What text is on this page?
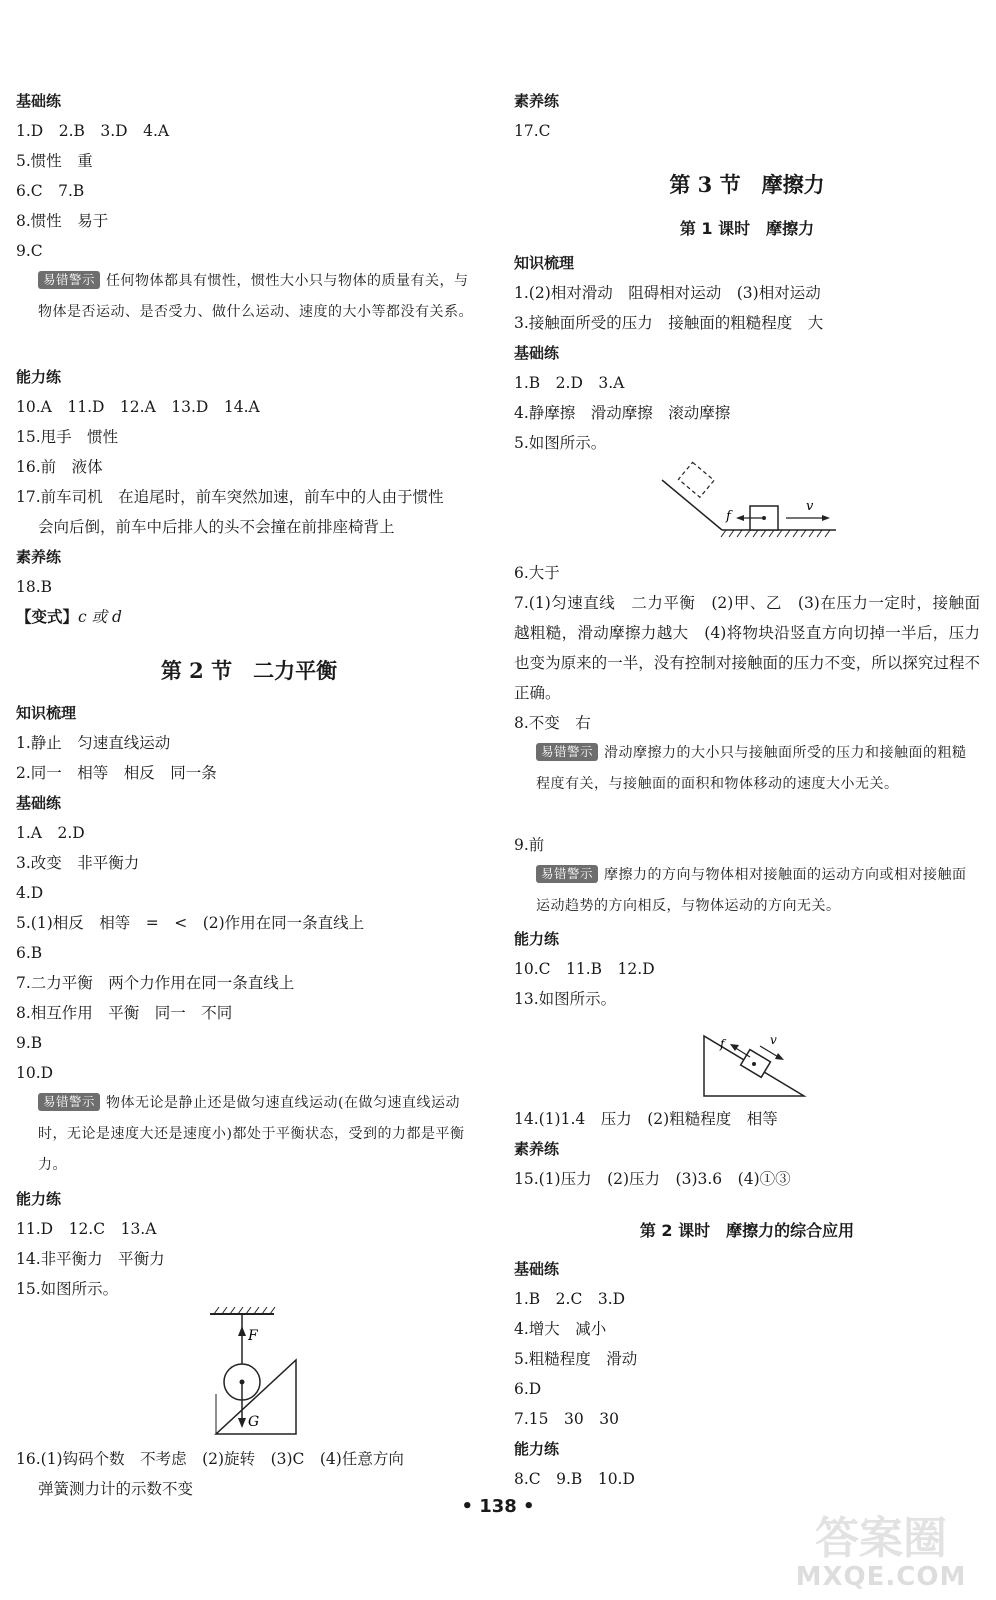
基础练
1.D　2.B　3.D　4.A
5.惯性　重
6.C　7.B
8.惯性　易于
9.C
易错警示 任何物体都具有惯性，惯性大小只与物体的质量有关，与物体是否运动、是否受力、做什么运动、速度的大小等都没有关系。
能力练
10.A　11.D　12.A　13.D　14.A
15.甩手　惯性
16.前　液体
17.前车司机　在追尾时，前车突然加速，前车中的人由于惯性
会向后倒，前车中后排人的头不会撞在前排座椅背上
素养练
18.B
【变式】c 或 d
第 2 节　二力平衡
知识梳理
1.静止　匀速直线运动
2.同一　相等　相反　同一条
基础练
1.A　2.D
3.改变　非平衡力
4.D
5.(1)相反　相等　=　<　(2)作用在同一条直线上
6.B
7.二力平衡　两个力作用在同一条直线上
8.相互作用　平衡　同一　不同
9.B
10.D
易错警示 物体无论是静止还是做匀速直线运动(在做匀速直线运动时，无论是速度大还是速度小)都处于平衡状态，受到的力都是平衡力。
能力练
11.D　12.C　13.A
14.非平衡力　平衡力
15.如图所示。
F
G
16.(1)钩码个数　不考虑　(2)旋转　(3)C　(4)任意方向
弹簧测力计的示数不变
素养练
17.C
第 3 节　摩擦力
第 1 课时　摩擦力
知识梳理
1.(2)相对滑动　阻碍相对运动　(3)相对运动
3.接触面所受的压力　接触面的粗糙程度　大
基础练
1.B　2.D　3.A
4.静摩擦　滑动摩擦　滚动摩擦
5.如图所示。
f
v
6.大于
7.(1)匀速直线　二力平衡　(2)甲、乙　(3)在压力一定时，接触面越粗糙，滑动摩擦力越大　(4)将物块沿竖直方向切掉一半后，压力也变为原来的一半，没有控制对接触面的压力不变，所以探究过程不正确。
8.不变　右
易错警示 滑动摩擦力的大小只与接触面所受的压力和接触面的粗糙程度有关，与接触面的面积和物体移动的速度大小无关。
9.前
易错警示 摩擦力的方向与物体相对接触面的运动方向或相对接触面运动趋势的方向相反，与物体运动的方向无关。
能力练
10.C　11.B　12.D
13.如图所示。
f	v
14.(1)1.4　压力　(2)粗糙程度　相等
素养练
15.(1)压力　(2)压力　(3)3.6　(4)①③
第 2 课时　摩擦力的综合应用
基础练
1.B　2.C　3.D
4.增大　减小
5.粗糙程度　滑动
6.D
7.15　30　30
能力练
8.C　9.B　10.D
• 138 •
答案圈
MXQE.COM
